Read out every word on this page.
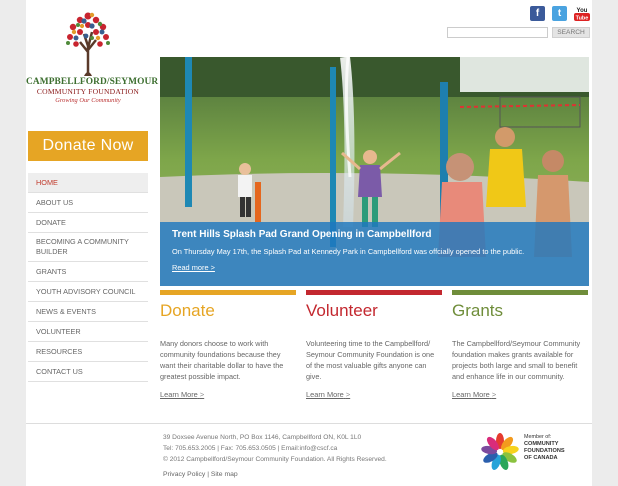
CAMPBELLFORD/SEYMOUR
COMMUNITY FOUNDATION
Growing Our Community
Donate Now
HOME
ABOUT US
DONATE
BECOMING A COMMUNITY BUILDER
GRANTS
YOUTH ADVISORY COUNCIL
NEWS & EVENTS
VOLUNTEER
RESOURCES
CONTACT US
f	t	You
Tube
SEARCH
Trent Hills Splash Pad Grand Opening in Campbellford
On Thursday May 17th, the Splash Pad at Kennedy Park in Campbellford was offcially opened to the public.
Read more >
Donate

Many donors choose to work with community foundations because they want their charitable dollar to have the greatest possible impact.

Learn More >
Volunteer

Volunteering time to the Campbellford/ Seymour Community Foundation is one of the most valuable gifts anyone can give.

Learn More >
Grants

The Campbellford/Seymour Community foundation makes grants available for projects both large and small to benefit and enhance life in our community.

Learn More >
39 Doxsee Avenue North, PO Box 1146, Campbellford ON, K0L 1L0
Tel: 705.653.2005 | Fax: 705.653.0505 | Email:info@cscf.ca
© 2012 Campbellford/Seymour Community Foundation. All Rights Reserved.
Privacy Policy | Site map
Member of:
COMMUNITY
FOUNDATIONS
OF CANADA
